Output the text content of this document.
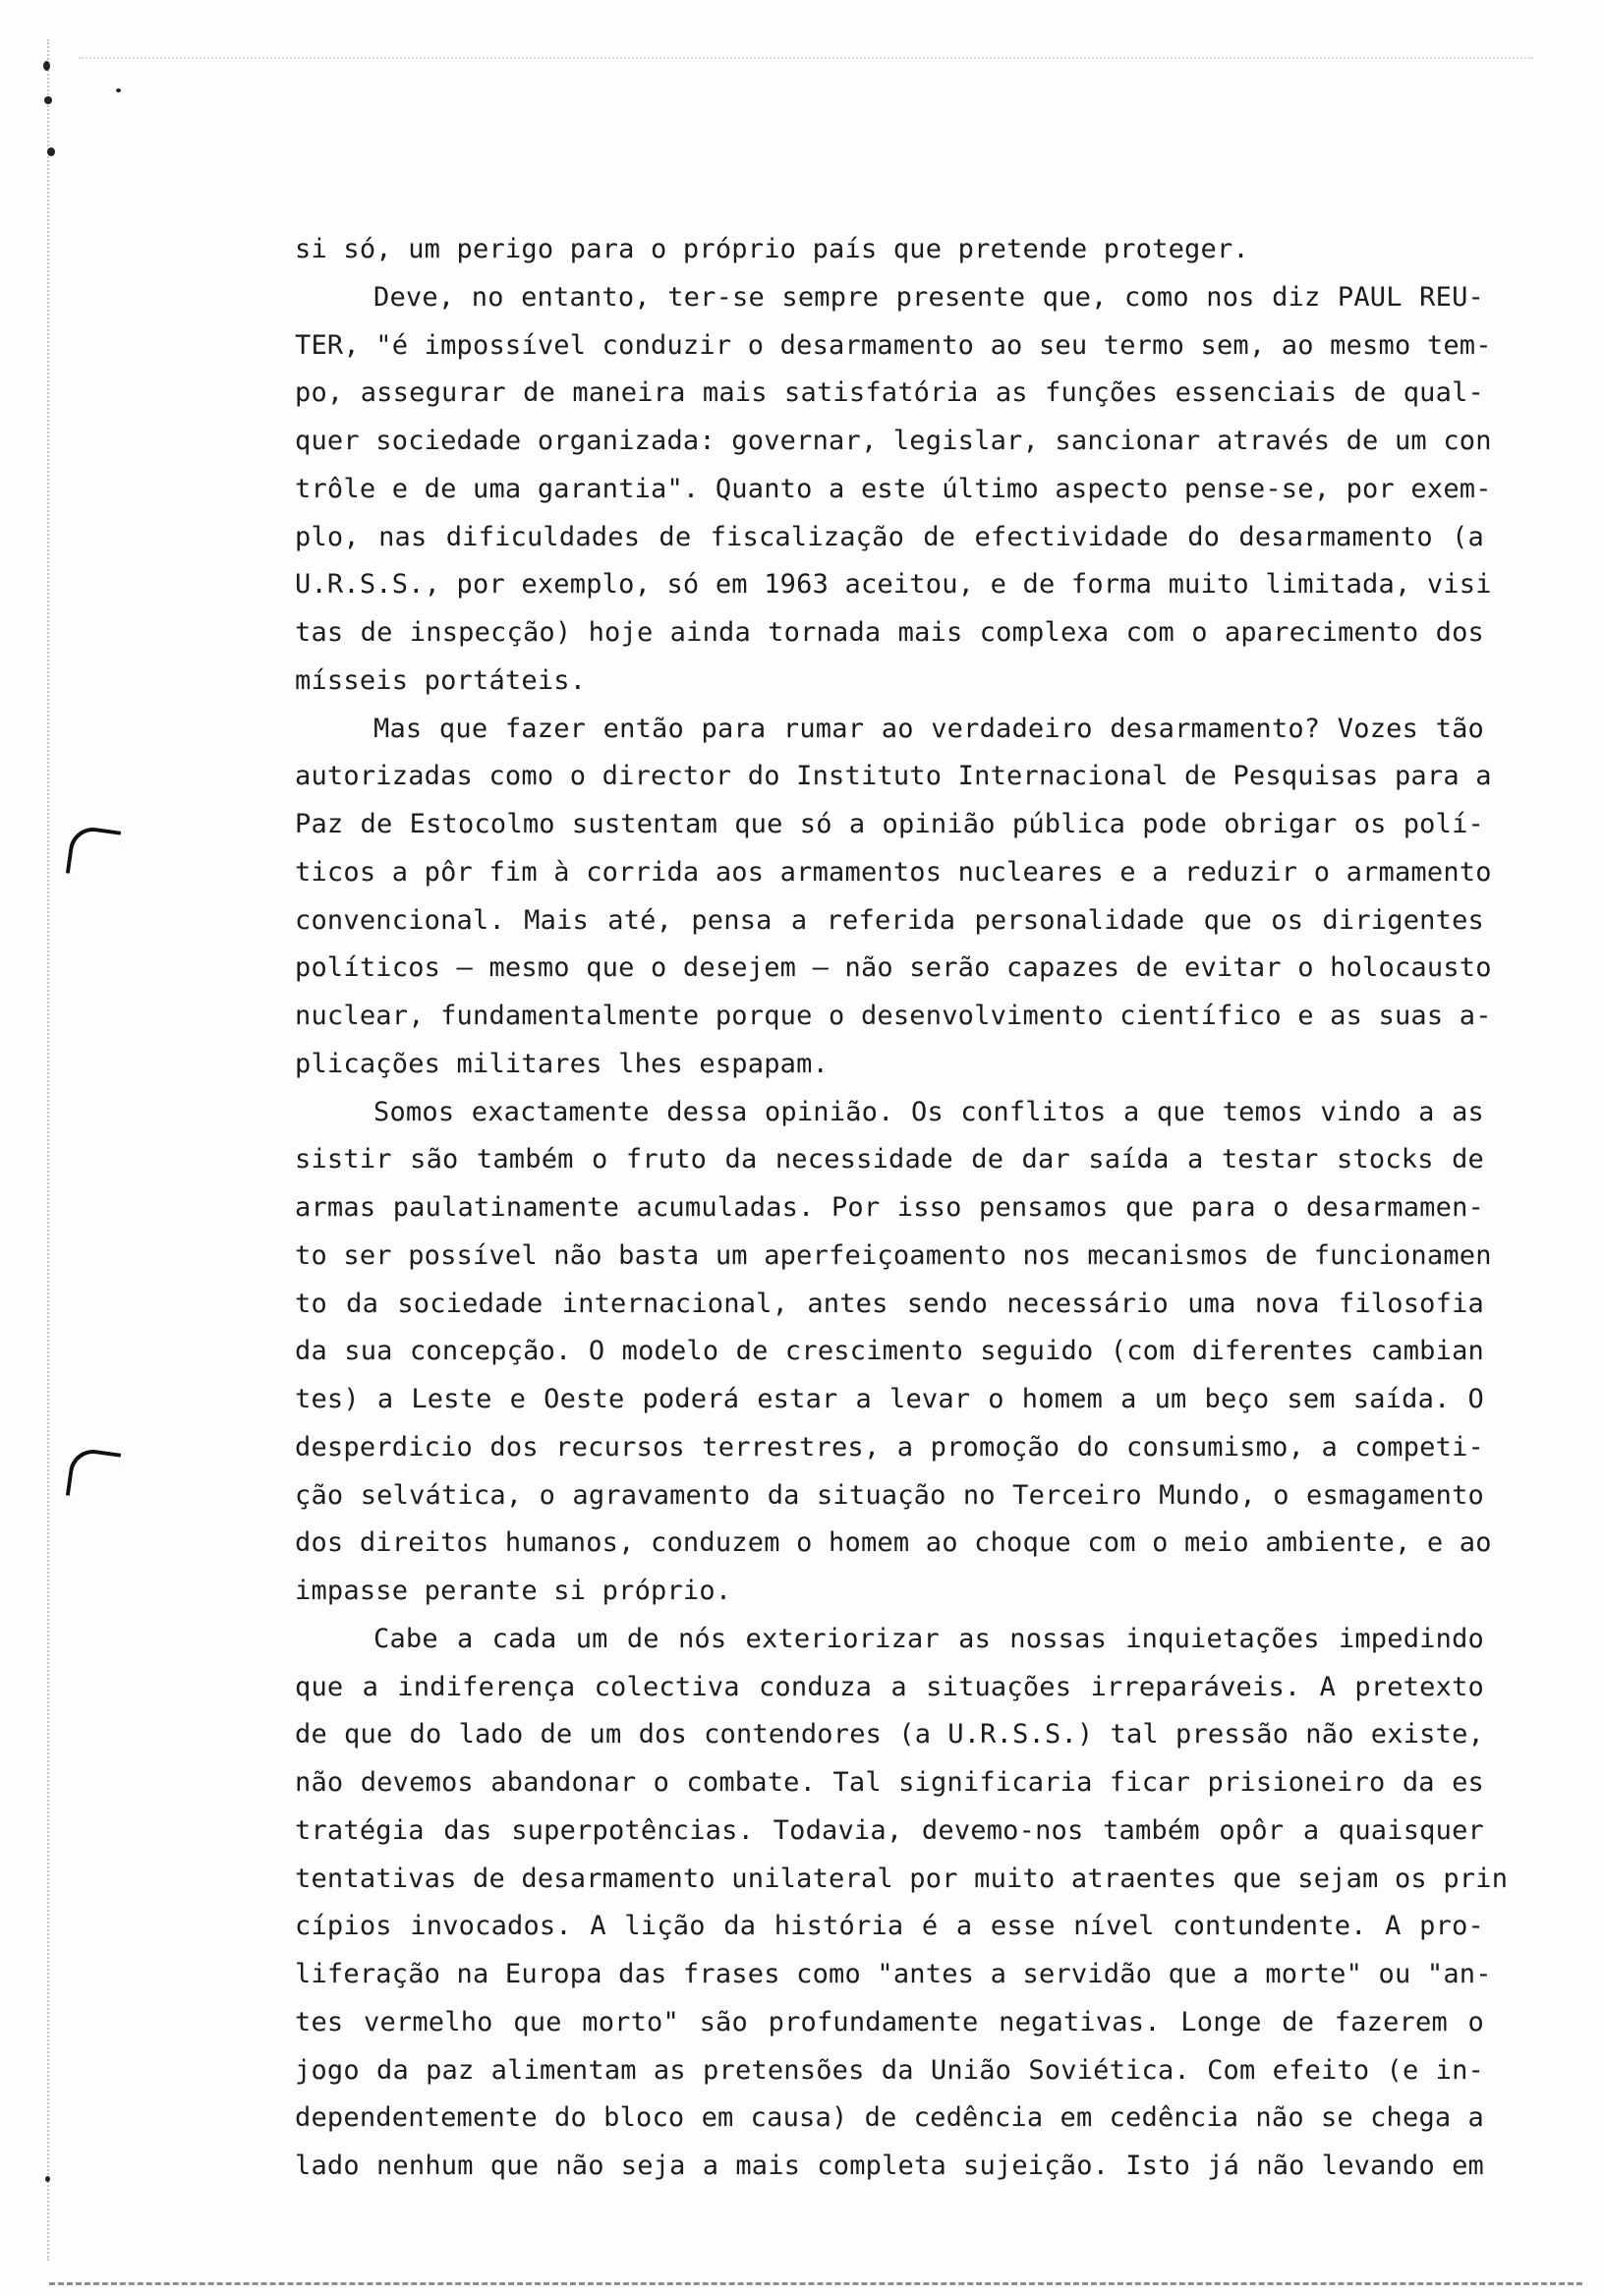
si só, um perigo para o próprio país que pretende proteger.
Deve, no entanto, ter-se sempre presente que, como nos diz PAUL REU-
TER, "é impossível conduzir o desarmamento ao seu termo sem, ao mesmo tem-
po, assegurar de maneira mais satisfatória as funções essenciais de qual-
quer sociedade organizada: governar, legislar, sancionar através de um con
trôle e de uma garantia". Quanto a este último aspecto pense-se, por exem-
plo, nas dificuldades de fiscalização de efectividade do desarmamento (a
U.R.S.S., por exemplo, só em 1963 aceitou, e de forma muito limitada, visi
tas de inspecção) hoje ainda tornada mais complexa com o aparecimento dos
mísseis portáteis.
Mas que fazer então para rumar ao verdadeiro desarmamento? Vozes tão
autorizadas como o director do Instituto Internacional de Pesquisas para a
Paz de Estocolmo sustentam que só a opinião pública pode obrigar os polí-
ticos a pôr fim à corrida aos armamentos nucleares e a reduzir o armamento
convencional. Mais até, pensa a referida personalidade que os dirigentes
políticos — mesmo que o desejem — não serão capazes de evitar o holocausto
nuclear, fundamentalmente porque o desenvolvimento científico e as suas a-
plicações militares lhes espapam.
Somos exactamente dessa opinião. Os conflitos a que temos vindo a as
sistir são também o fruto da necessidade de dar saída a testar stocks de
armas paulatinamente acumuladas. Por isso pensamos que para o desarmamen-
to ser possível não basta um aperfeiçoamento nos mecanismos de funcionamen
to da sociedade internacional, antes sendo necessário uma nova filosofia
da sua concepção. O modelo de crescimento seguido (com diferentes cambian
tes) a Leste e Oeste poderá estar a levar o homem a um beço sem saída. O
desperdicio dos recursos terrestres, a promoção do consumismo, a competi-
ção selvática, o agravamento da situação no Terceiro Mundo, o esmagamento
dos direitos humanos, conduzem o homem ao choque com o meio ambiente, e ao
impasse perante si próprio.
Cabe a cada um de nós exteriorizar as nossas inquietações impedindo
que a indiferença colectiva conduza a situações irreparáveis. A pretexto
de que do lado de um dos contendores (a U.R.S.S.) tal pressão não existe,
não devemos abandonar o combate. Tal significaria ficar prisioneiro da es
tratégia das superpotências. Todavia, devemo-nos também opôr a quaisquer
tentativas de desarmamento unilateral por muito atraentes que sejam os prin
cípios invocados. A lição da história é a esse nível contundente. A pro-
liferação na Europa das frases como "antes a servidão que a morte" ou "an-
tes vermelho que morto" são profundamente negativas. Longe de fazerem o
jogo da paz alimentam as pretensões da União Soviética. Com efeito (e in-
dependentemente do bloco em causa) de cedência em cedência não se chega a
lado nenhum que não seja a mais completa sujeição. Isto já não levando em
